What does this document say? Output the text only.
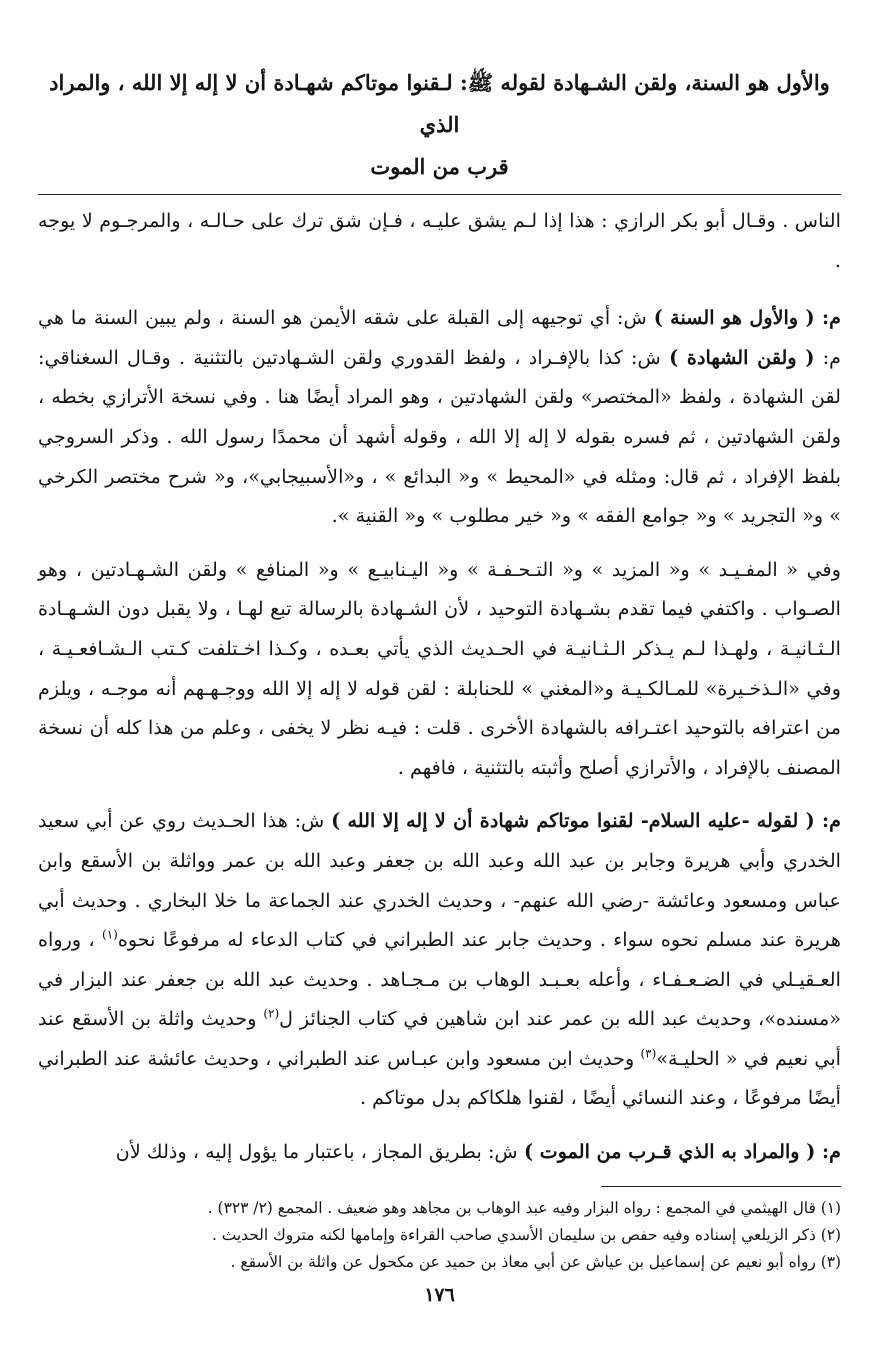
والأول هو السنة، ولقن الشـهادة لقوله ﷺ: لـقنوا موتاكم شهـادة أن لا إله إلا الله ، والمراد الذي
قرب من الموت

الناس . وقـال أبو بكر الرازي : هذا إذا لـم يشق عليـه ، فـإن شق ترك على حـالـه ، والمرجـوم لا يوجه .

م: ( والأول هو السنة ) ش: أي توجيهه إلى القبلة على شقه الأيمن هو السنة ، ولم يبين السنة ما هي م: ( ولقن الشهادة ) ش: كذا بالإفـراد ، ولفظ القدوري ولقن الشـهادتين بالتثنية . وقـال السغناقي: لقن الشهادة ، ولفظ «المختصر» ولقن الشهادتين ، وهو المراد أيضًا هنا . وفي نسخة الأترازي بخطه ، ولقن الشهادتين ، ثم فسره بقوله لا إله إلا الله ، وقوله أشهد أن محمدًا رسول الله . وذكر السروجي بلفظ الإفراد ، ثم قال: ومثله في «المحيط » و« البدائع » ، و«الأسبيجابي»، و« شرح مختصر الكرخي » و« التجريد » و« جوامع الفقه » و« خير مطلوب » و« القنية ».

وفي « المفـيـد » و« المزيد » و« التـحـفـة » و« اليـنابيـع » و« المنافع » ولقن الشـهـادتين ، وهو الصـواب . واكتفي فيما تقدم بشـهادة التوحيد ، لأن الشـهادة بالرسالة تبع لهـا ، ولا يقبل دون الشـهـادة الـثـانيـة ، ولهـذا لـم يـذكر الـثـانيـة في الحـديث الذي يأتي بعـده ، وكـذا اخـتلفت كـتب الـشـافعـيـة ، وفي «الـذخـيرة» للمـالكـيـة و«المغني » للحنابلة : لقن قوله لا إله إلا الله ووجـهـهم أنه موجـه ، ويلزم من اعترافه بالتوحيد اعتـرافه بالشهادة الأخرى . قلت : فيـه نظر لا يخفى ، وعلم من هذا كله أن نسخة المصنف بالإفراد ، والأترازي أصلح وأثبته بالتثنية ، فافهم .

م: ( لقوله -عليه السلام- لقنوا موتاكم شهادة أن لا إله إلا الله ) ش: هذا الحـديث روي عن أبي سعيد الخدري وأبي هريرة وجابر بن عبد الله وعبد الله بن جعفر وعبد الله بن عمر وواثلة بن الأسقع وابن عباس ومسعود وعائشة -رضي الله عنهم- ، وحديث الخدري عند الجماعة ما خلا البخاري . وحديث أبي هريرة عند مسلم نحوه سواء . وحديث جابر عند الطبراني في كتاب الدعاء له مرفوعًا نحوه$^{(١)}$ ، ورواه العـقيـلي في الضـعـفـاء ، وأعله بعـبـد الوهاب بن مـجـاهد . وحديث عبد الله بن جعفر عند البزار في «مسنده»، وحديث عبد الله بن عمر عند ابن شاهين في كتاب الجنائز ل$^{(٢)}$ وحديث واثلة بن الأسقع عند أبي نعيم في « الحليـة»$^{(٣)}$ وحديث ابن مسعود وابن عبـاس عند الطبراني ، وحديث عائشة عند الطبراني أيضًا مرفوعًا ، وعند النسائي أيضًا ، لقنوا هلكاكم بدل موتاكم .

م: ( والمراد به الذي قـرب من الموت ) ش: بطريق المجاز ، باعتبار ما يؤول إليه ، وذلك لأن

(١) قال الهيثمي في المجمع : رواه البزار وفيه عبد الوهاب بن مجاهد وهو ضعيف . المجمع (٢/ ٣٢٣) .

(٢) ذكر الزيلعي إسناده وفيه حفص بن سليمان الأسدي صاحب القراءة وإمامها لكنه متروك الحديث .

(٣) رواه أبو نعيم عن إسماعيل بن عياش عن أبي معاذ بن حميد عن مكحول عن واثلة بن الأسقع .

١٧٦
